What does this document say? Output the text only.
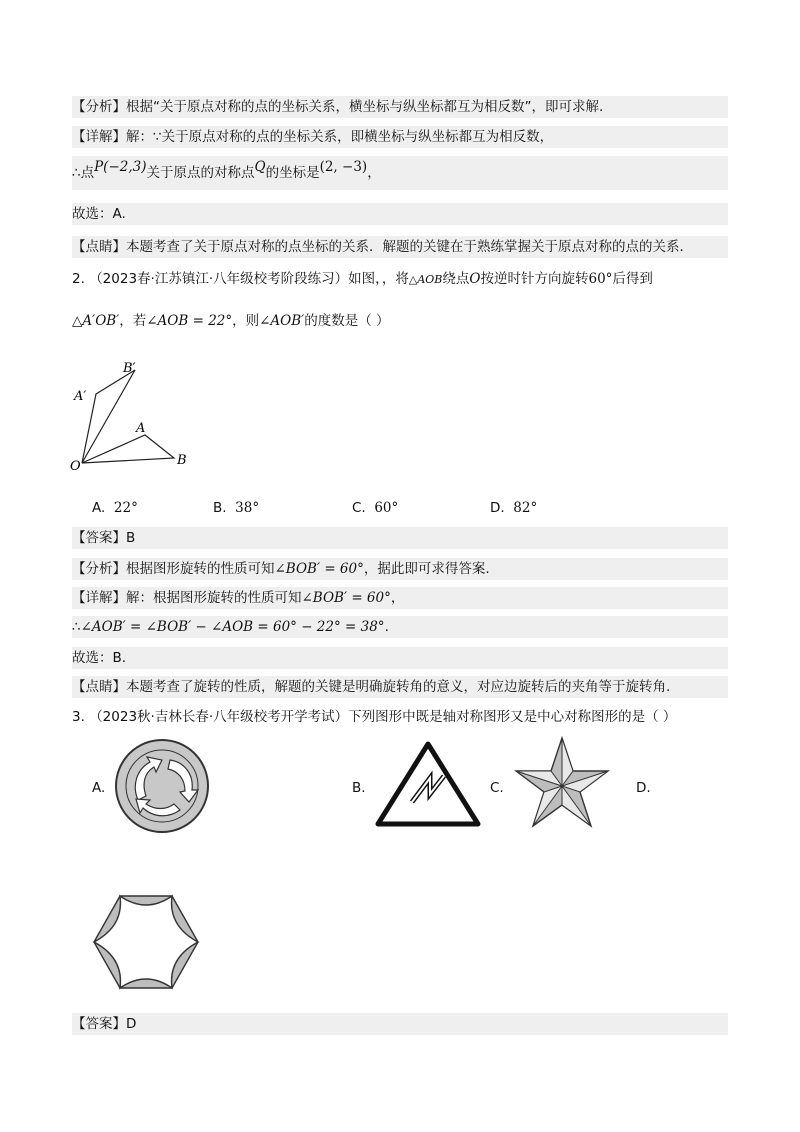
【分析】根据“关于原点对称的点的坐标关系，横坐标与纵坐标都互为相反数”，即可求解.
【详解】解：∵关于原点对称的点的坐标关系，即横坐标与纵坐标都互为相反数，
∴点P(−2,3)关于原点的对称点Q的坐标是(2, −3)，
故选：A.
【点睛】本题考查了关于原点对称的点坐标的关系．解题的关键在于熟练掌握关于原点对称的点的关系．
2. （2023春·江苏镇江·八年级校考阶段练习）如图，，将△AOB绕点O按逆时针方向旋转60°后得到
△A′OB′，若∠AOB = 22°，则∠AOB′的度数是（ ）
B′
A′
A
O	B
A. 22°	B. 38°	C. 60°	D. 82°
【答案】B
【分析】根据图形旋转的性质可知∠BOB′ = 60°，据此即可求得答案.
【详解】解：根据图形旋转的性质可知∠BOB′ = 60°，
∴∠AOB′ = ∠BOB′ − ∠AOB = 60° − 22° = 38°.
故选：B.
【点睛】本题考查了旋转的性质，解题的关键是明确旋转角的意义，对应边旋转后的夹角等于旋转角.
3. （2023秋·吉林长春·八年级校考开学考试）下列图形中既是轴对称图形又是中心对称图形的是（ ）
A.	B.	C.	D.
【答案】D
